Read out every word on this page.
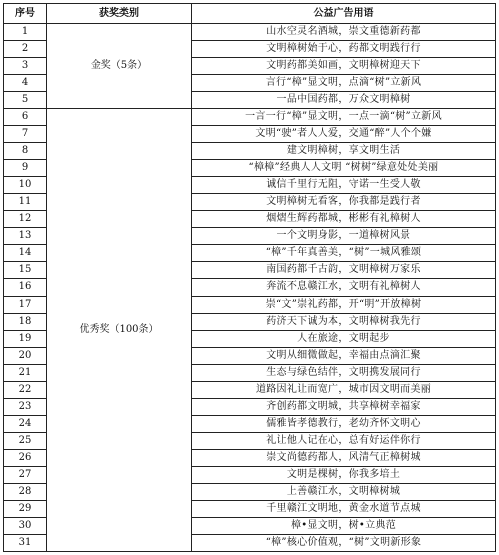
序号	获奖类别	公益广告用语
1	金奖（5条）	山水空灵名酒城，崇文重德新药都
2		文明樟树始于心，药都文明践行行
3		文明药都美如画，文明樟树迎天下
4		言行“樟”显文明，点滴“树”立新风
5		一品中国药都，万众文明樟树
6	优秀奖（100条）	一言一行“樟”显文明，一点一滴“树”立新风
7		文明“驶”者人人爱，交通“醉”人个个嫌
8		建文明樟树，享文明生活
9		“樟樟”经典人人文明 “树树”绿意处处美丽
10		诚信千里行无阻，守诺一生受人敬
11		文明樟树无看客，你我都是践行者
12		烟熠生辉药都城，彬彬有礼樟树人
13		一个文明身影，一道樟树风景
14		“樟”千年真善美，“树”一城风雅颂
15		南国药都千古韵，文明樟树万家乐
16		奔流不息赣江水，文明有礼樟树人
17		崇“文”崇礼药都，开“明”开放樟树
18		药济天下诚为本，文明樟树我先行
19		人在旅途，文明起步
20		文明从细微做起，幸福由点滴汇聚
21		生态与绿色结伴，文明携发展同行
22		道路因礼让而宽广，城市因文明而美丽
23		齐创药都文明城，共享樟树幸福家
24		儒雅皆孝德教行，老幼齐怀文明心
25		礼让他人记在心，总有好运伴你行
26		崇文尚德药都人，风清气正樟树城
27		文明是棵树，你我多培土
28		上善赣江水，文明樟树城
29		千里赣江文明地，黄金水道节点城
30		樟•显文明，树•立典范
31		“樟”核心价值观，“树”文明新形象
